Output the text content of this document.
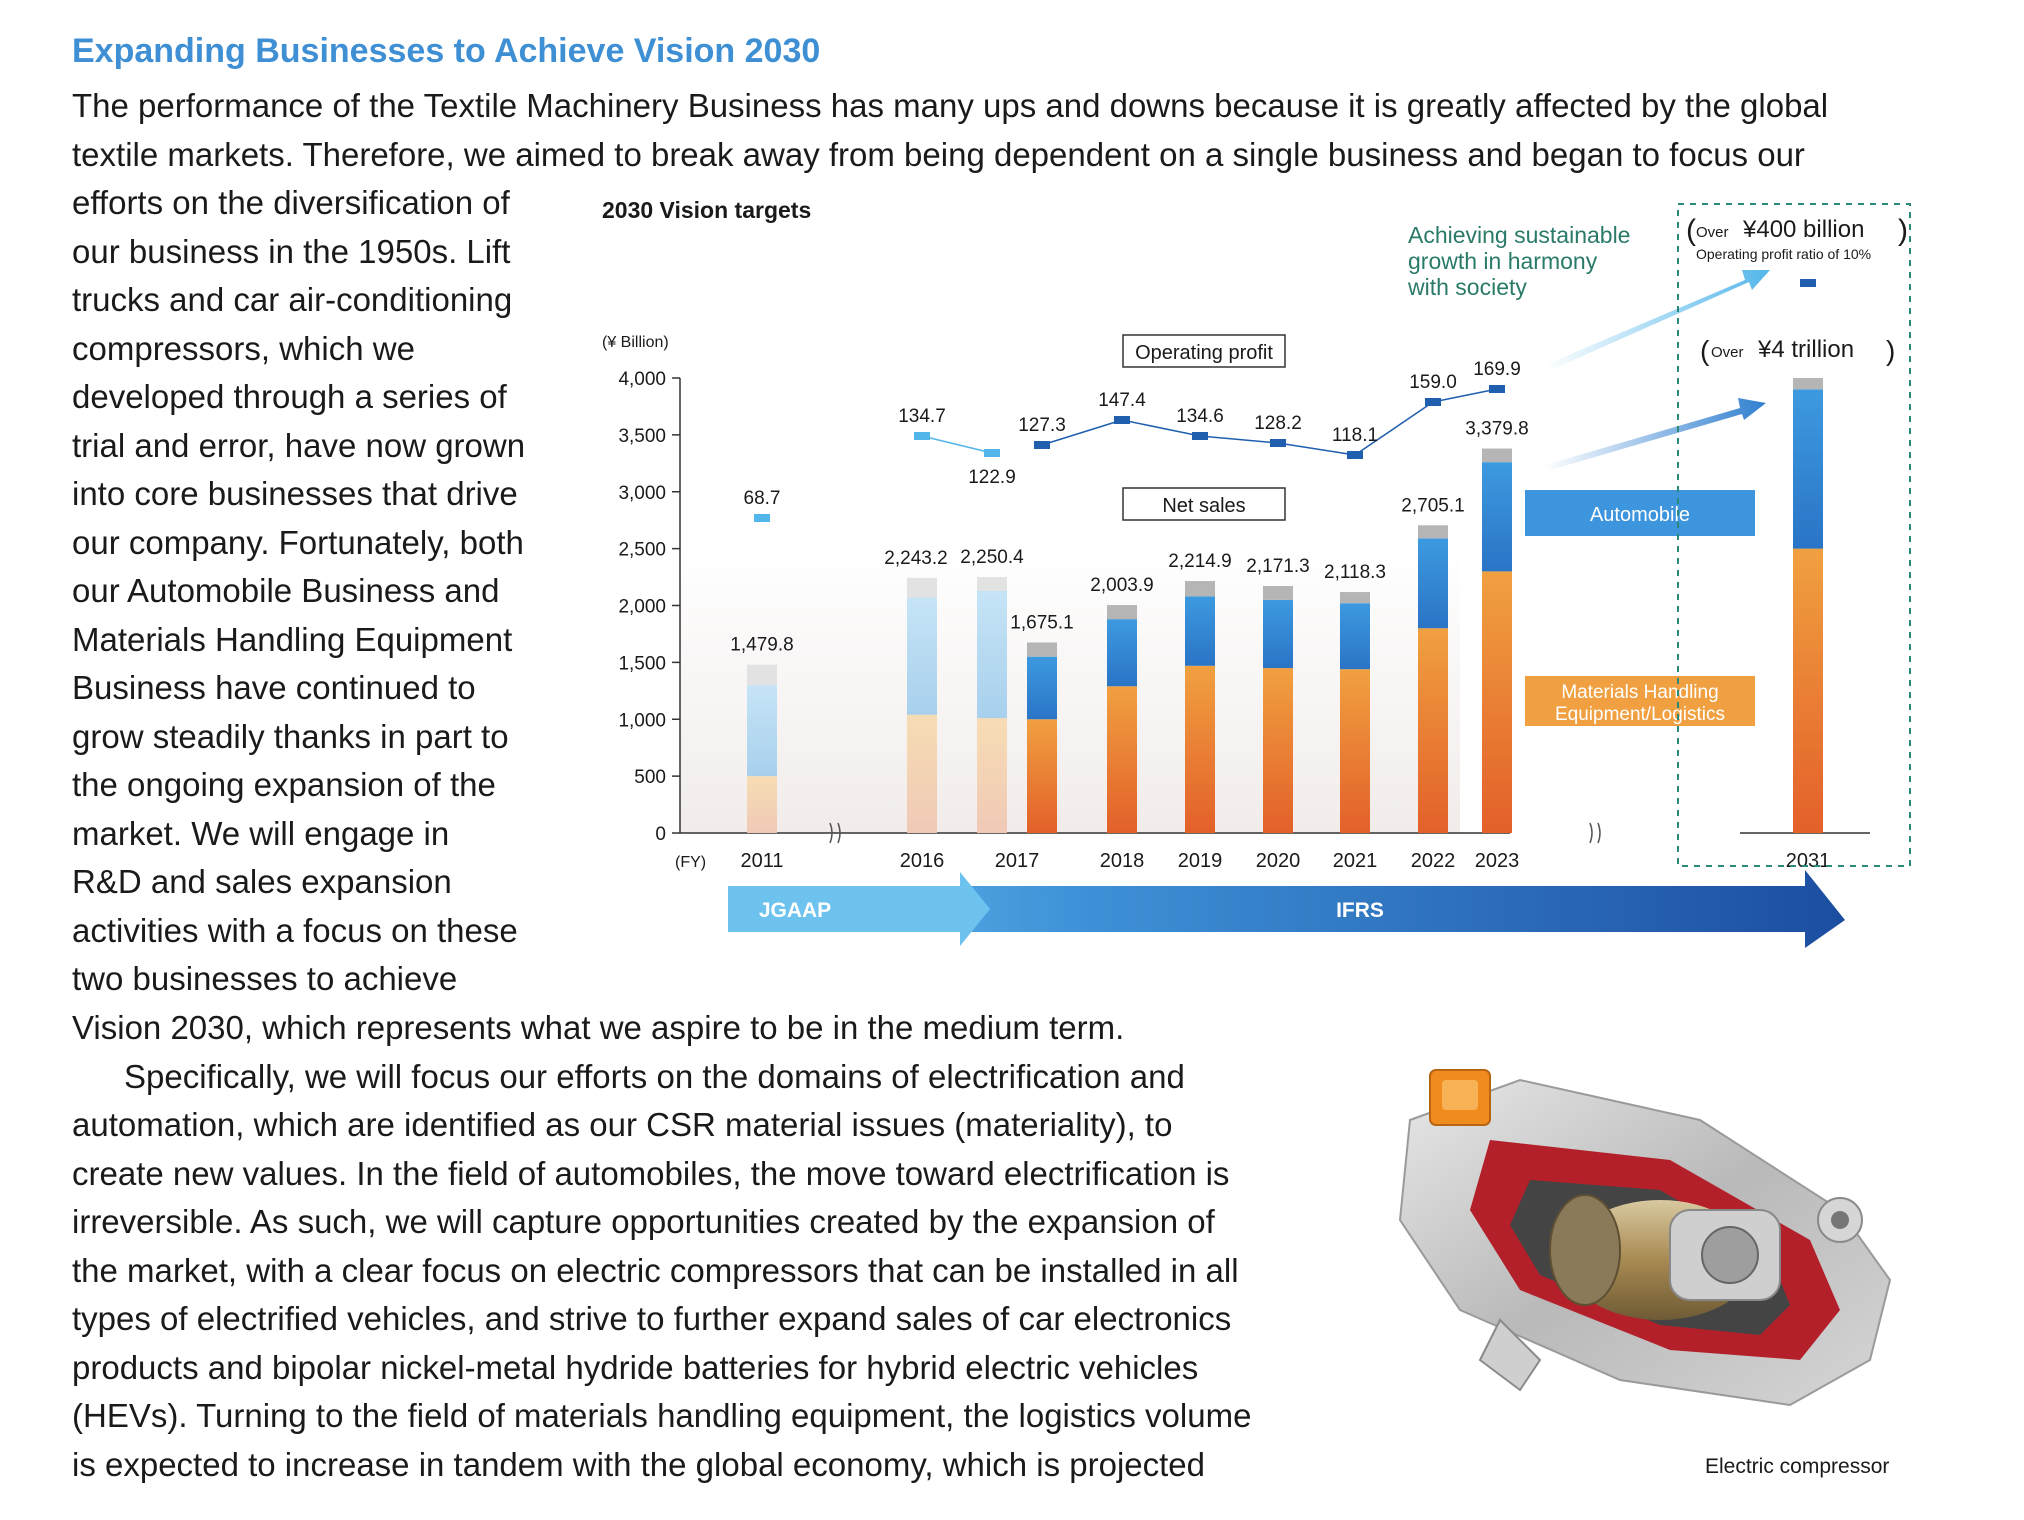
Expanding Businesses to Achieve Vision 2030
The performance of the Textile Machinery Business has many ups and downs because it is greatly affected by the global
textile markets. Therefore, we aimed to break away from being dependent on a single business and began to focus our
efforts on the diversification of
our business in the 1950s. Lift
trucks and car air-conditioning
compressors, which we
developed through a series of
trial and error, have now grown
into core businesses that drive
our company. Fortunately, both
our Automobile Business and
Materials Handling Equipment
Business have continued to
grow steadily thanks in part to
the ongoing expansion of the
market. We will engage in
R&D and sales expansion
activities with a focus on these
two businesses to achieve
Vision 2030, which represents what we aspire to be in the medium term.
Specifically, we will focus our efforts on the domains of electrification and
automation, which are identified as our CSR material issues (materiality), to
create new values. In the field of automobiles, the move toward electrification is
irreversible. As such, we will capture opportunities created by the expansion of
the market, with a clear focus on electric compressors that can be installed in all
types of electrified vehicles, and strive to further expand sales of car electronics
products and bipolar nickel-metal hydride batteries for hybrid electric vehicles
(HEVs). Turning to the field of materials handling equipment, the logistics volume
is expected to increase in tandem with the global economy, which is projected
2030 Vision targets
(¥ Billion)
0
500
1,000
1,500
2,000
2,500
3,000
3,500
4,000
(FY) 2011	2016	2017	2018 2019 2020 2021 2022 2023	2031
1,479.8
2,243.2 2,250.4
1,675.1
2,003.9
2,214.9 2,171.3 2,118.3
2,705.1
3,379.8
68.7
134.7
122.9
127.3
147.4
134.6 128.2
118.1
159.0
169.9
Operating profit
Net sales	Automobile
Materials Handling
Equipment/Logistics
Achieving sustainable
growth in harmony
with society
( Over ¥400 billion
Operating profit ratio of 10%
)
( Over ¥4 trillion )
JGAAP	IFRS
Electric compressor
